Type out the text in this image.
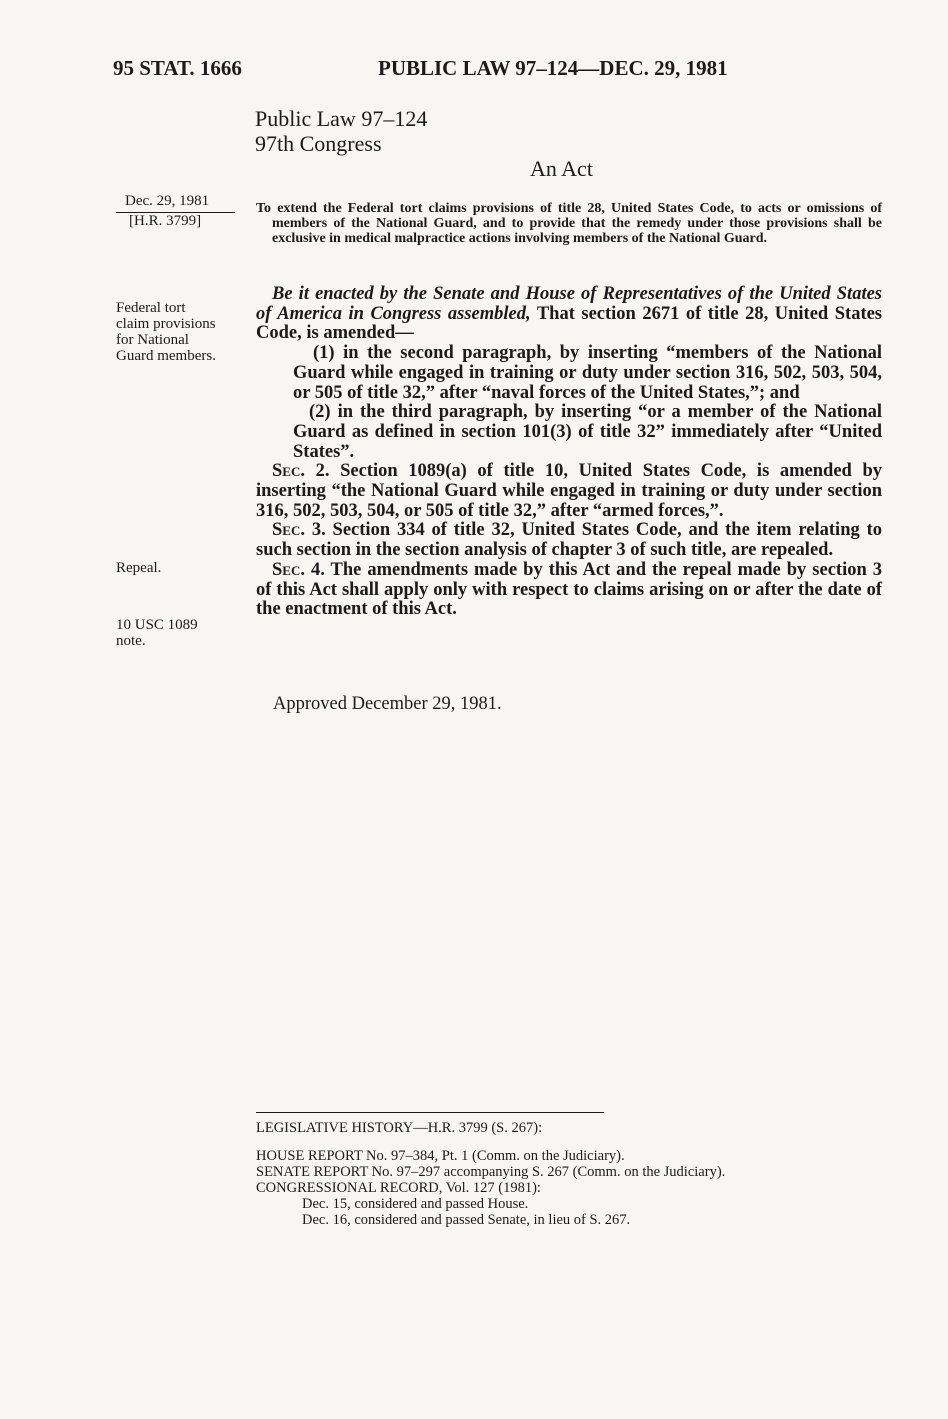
95 STAT. 1666	PUBLIC LAW 97–124—DEC. 29, 1981
Public Law 97–124
97th Congress
An Act
Dec. 29, 1981
[H.R. 3799]
Federal tort
claim provisions
for National
Guard members.
Repeal.
10 USC 1089
note.
To extend the Federal tort claims provisions of title 28, United States Code, to acts or omissions of members of the National Guard, and to provide that the remedy under those provisions shall be exclusive in medical malpractice actions involving members of the National Guard.

Be it enacted by the Senate and House of Representatives of the United States of America in Congress assembled, That section 2671 of title 28, United States Code, is amended—

(1) in the second paragraph, by inserting “members of the National Guard while engaged in training or duty under section 316, 502, 503, 504, or 505 of title 32,” after “naval forces of the United States,”; and

(2) in the third paragraph, by inserting “or a member of the National Guard as defined in section 101(3) of title 32” immediately after “United States”.

Sec. 2. Section 1089(a) of title 10, United States Code, is amended by inserting “the National Guard while engaged in training or duty under section 316, 502, 503, 504, or 505 of title 32,” after “armed forces,”.

Sec. 3. Section 334 of title 32, United States Code, and the item relating to such section in the section analysis of chapter 3 of such title, are repealed.

Sec. 4. The amendments made by this Act and the repeal made by section 3 of this Act shall apply only with respect to claims arising on or after the date of the enactment of this Act.

Approved December 29, 1981.
LEGISLATIVE HISTORY—H.R. 3799 (S. 267):
HOUSE REPORT No. 97–384, Pt. 1 (Comm. on the Judiciary).
SENATE REPORT No. 97–297 accompanying S. 267 (Comm. on the Judiciary).
CONGRESSIONAL RECORD, Vol. 127 (1981):
Dec. 15, considered and passed House.
Dec. 16, considered and passed Senate, in lieu of S. 267.
